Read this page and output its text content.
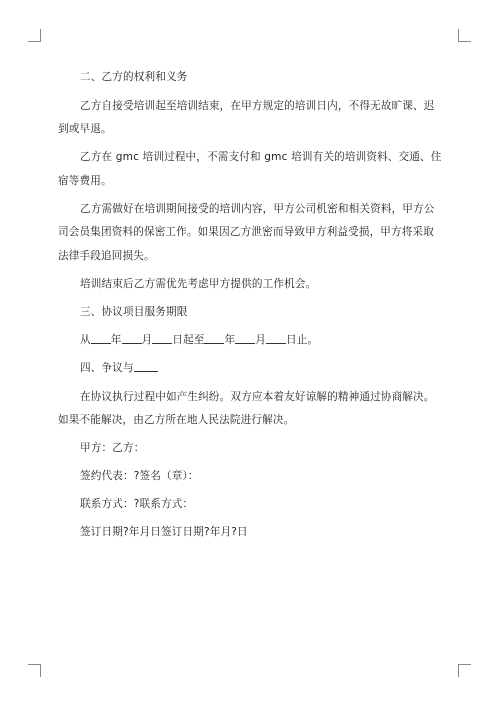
二、乙方的权利和义务

乙方自接受培训起至培训结束，在甲方规定的培训日内，不得无故旷课、迟到或早退。

乙方在 gmc 培训过程中，不需支付和 gmc 培训有关的培训资料、交通、住宿等费用。

乙方需做好在培训期间接受的培训内容，甲方公司机密和相关资料，甲方公司会员集团资料的保密工作。如果因乙方泄密而导致甲方利益受损，甲方将采取法律手段追回损失。

培训结束后乙方需优先考虑甲方提供的工作机会。

三、协议项目服务期限

从 年 月 日起至 年 月 日止。

四、争议与

在协议执行过程中如产生纠纷。双方应本着友好谅解的精神通过协商解决。如果不能解决，由乙方所在地人民法院进行解决。

甲方：乙方：

签约代表：?签名（章）：

联系方式：?联系方式：

签订日期?年月日签订日期?年月?日
